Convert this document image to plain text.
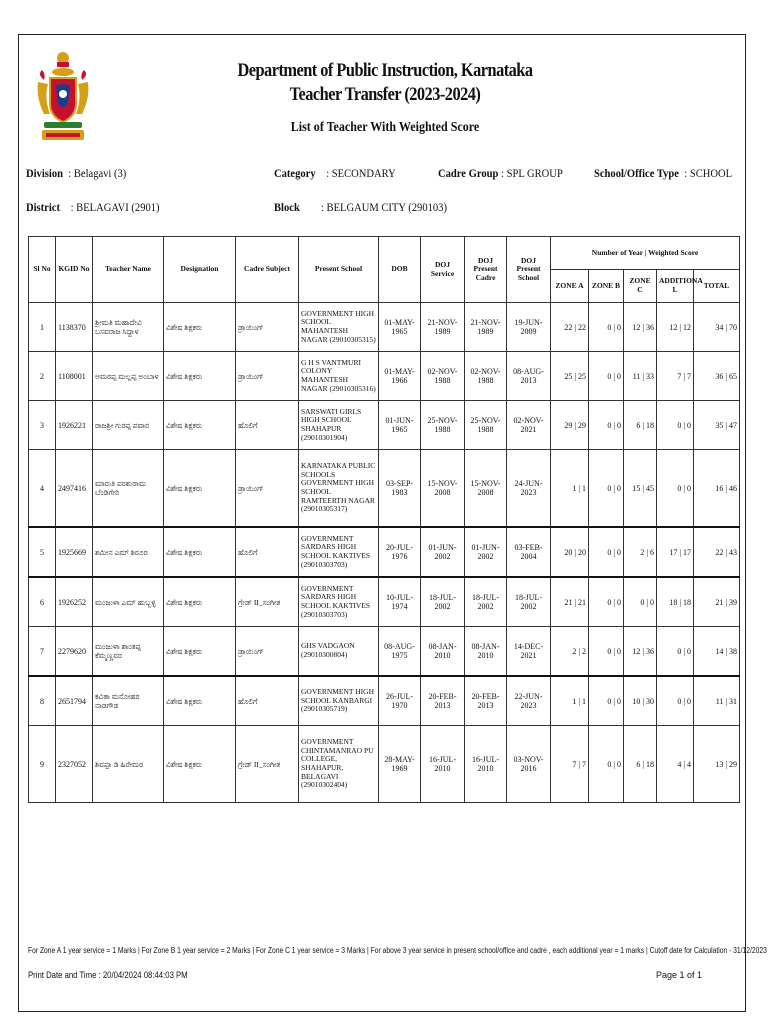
Department of Public Instruction, Karnataka
Teacher Transfer (2023-2024)
List of Teacher With Weighted Score
Division : Belagavi (3)	Category : SECONDARY	Cadre Group : SPL GROUP	School/Office Type : SCHOOL
District : BELAGAVI (2901)	Block : BELGAUM CITY (290103)
Sl No	KGID No	Teacher Name	Designation	Cadre Subject	Present School	DOB	DOJ Service	DOJ Present Cadre	DOJ Present School	Number of Year | Weighted Score				
										ZONE A	ZONE B	ZONE C	ADDITIONA L	TOTAL
1	1138370	ಶ್ರೀಮತಿ ಮಹಾದೇವಿ ಬಸವರಾಜ ಸಿದ್ದಾಳ	ವಿಶೇಷ ಶಿಕ್ಷಕರು	ಡ್ರಾಯಿಂಗ್	GOVERNMENT HIGH SCHOOL MAHANTESH NAGAR (29010305315)	01-MAY-1965	21-NOV-1989	21-NOV-1989	19-JUN-2009	22 | 22	0 | 0	12 | 36	12 | 12	34 | 70
2	1108001	ಅಮರಪ್ಪ ಮಲ್ಲಪ್ಪ ಅಂಬಾಳ	ವಿಶೇಷ ಶಿಕ್ಷಕರು	ಡ್ರಾಯಿಂಗ್	G H S VANTMURI COLONY MAHANTESH NAGAR (29010305316)	01-MAY-1966	02-NOV-1988	02-NOV-1988	08-AUG-2013	25 | 25	0 | 0	11 | 33	7 | 7	36 | 65
3	1926221	ರಾಜಶ್ರೀ ಗುರಪ್ಪ ಪವಾರ	ವಿಶೇಷ ಶಿಕ್ಷಕರು	ಹೊಲಿಗೆ	SARSWATI GIRLS HIGH SCHOOL SHAHAPUR (29010301904)	01-JUN-1965	25-NOV-1988	25-NOV-1988	02-NOV-2021	29 | 29	0 | 0	6 | 18	0 | 0	35 | 47
4	2497416	ಮಾರುತಿ ಪರಶುರಾಮ ಬೆಂಡಿಗೇರಿ	ವಿಶೇಷ ಶಿಕ್ಷಕರು	ಡ್ರಾಯಿಂಗ್	KARNATAKA PUBLIC SCHOOLS GOVERNMENT HIGH SCHOOL RAMTEERTH NAGAR (29010305317)	03-SEP-1983	15-NOV-2008	15-NOV-2008	24-JUN-2023	1 | 1	0 | 0	15 | 45	0 | 0	16 | 46
5	1925669	ಶಮೀನ ಎಮ್ ಶಿರೂರ	ವಿಶೇಷ ಶಿಕ್ಷಕರು	ಹೊಲಿಗೆ	GOVERNMENT SARDARS HIGH SCHOOL KAKTIVES (29010303703)	20-JUL-1976	01-JUN-2002	01-JUN-2002	03-FEB-2004	20 | 20	0 | 0	2 | 6	17 | 17	22 | 43
6	1926252	ಮಂಜುಳಾ ಎಮ್ ಹುಬ್ಬಳ್ಳಿ	ವಿಶೇಷ ಶಿಕ್ಷಕರು	ಗ್ರೇಡ್ II_ಸಂಗೀತ	GOVERNMENT SARDARS HIGH SCHOOL KAKTIVES (29010303703)	10-JUL-1974	18-JUL-2002	18-JUL-2002	18-JUL-2002	21 | 21	0 | 0	0 | 0	18 | 18	21 | 39
7	2279620	ಮಂಜುಳಾ ಶಾಂತಪ್ಪ ಕೆಮ್ಮಣ್ಣವರ	ವಿಶೇಷ ಶಿಕ್ಷಕರು	ಡ್ರಾಯಿಂಗ್	GHS VADGAON (29010300804)	08-AUG-1975	08-JAN-2010	08-JAN-2010	14-DEC-2021	2 | 2	0 | 0	12 | 36	0 | 0	14 | 38
8	2651794	ಕವಿತಾ ಮನೋಹರ ನಾಡಗೌಡ	ವಿಶೇಷ ಶಿಕ್ಷಕರು	ಹೊಲಿಗೆ	GOVERNMENT HIGH SCHOOL KANBARGI (29010305719)	26-JUL-1970	20-FEB-2013	20-FEB-2013	22-JUN-2023	1 | 1	0 | 0	10 | 30	0 | 0	11 | 31
9	2327052	ಶಿವಪ್ಪಾ ಡಿ ಹಿರೇಮಠ	ವಿಶೇಷ ಶಿಕ್ಷಕರು	ಗ್ರೇಡ್ II_ಸಂಗೀತ	GOVERNMENT CHINTAMANRAO PU COLLEGE, SHAHAPUR, BELAGAVI (29010302404)	28-MAY-1969	16-JUL-2010	16-JUL-2010	03-NOV-2016	7 | 7	0 | 0	6 | 18	4 | 4	13 | 29
For Zone A 1 year service = 1 Marks | For Zone B 1 year service = 2 Marks | For Zone C 1 year service = 3 Marks | For above 3 year service in present school/office and cadre , each additional year = 1 marks | Cutoff date for Calculation - 31/12/2023
Print Date and Time : 20/04/2024 08:44:03 PM	Page 1 of 1
